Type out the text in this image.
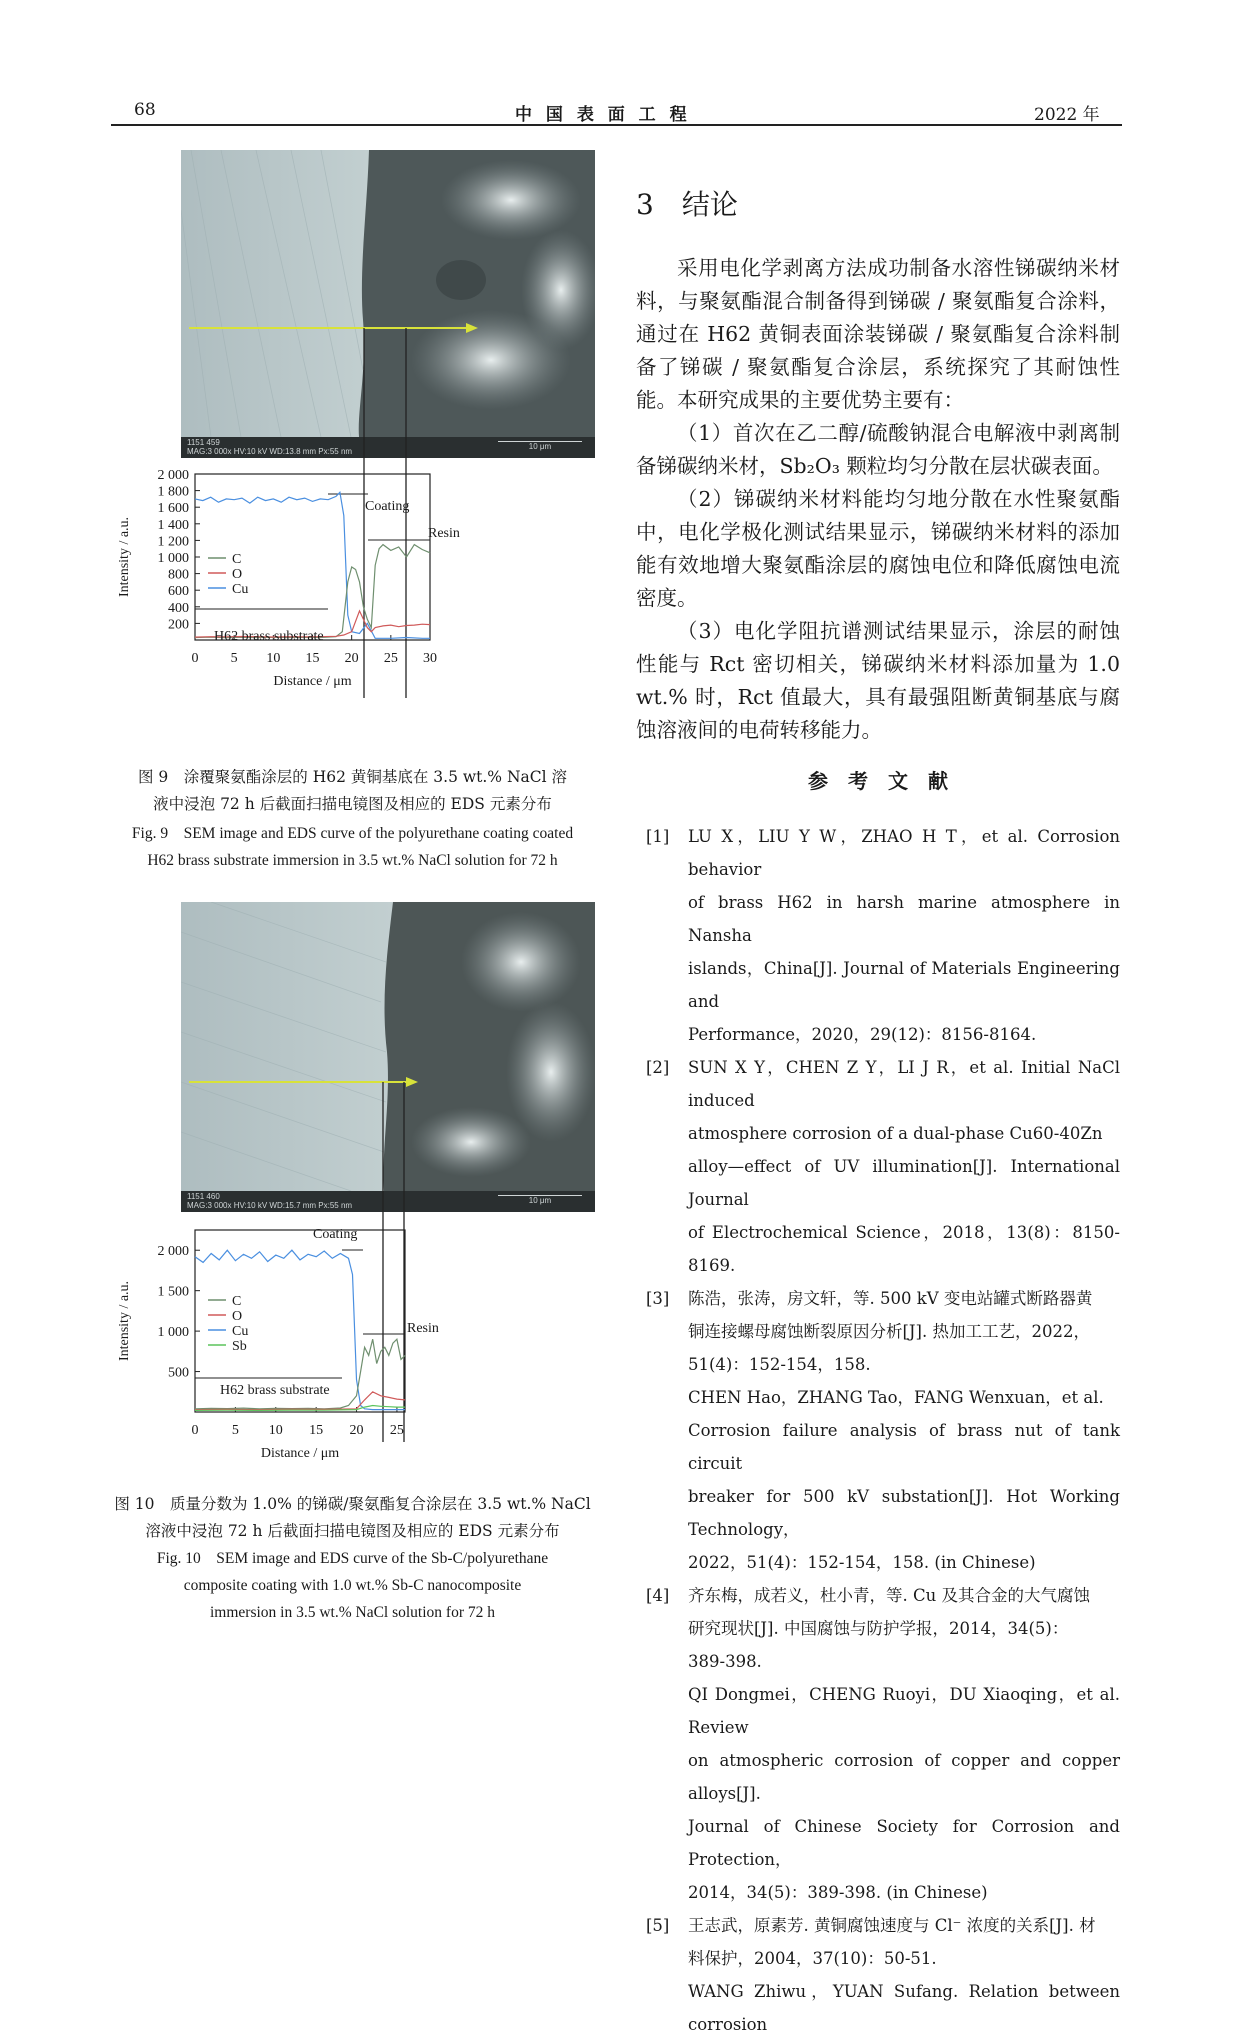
68	中 国 表 面 工 程	2022 年
1151 459
MAG:3 000x HV:10 kV WD:13.8 mm Px:55 nm
10 μm
200
400
600
800
1 000
1 200
1 400
1 600
1 800
2 000
0 5 10 15 20 25 30
Distance / μm
Intensity / a.u.	C
O
Cu
Coating
Resin
H62 brass substrate
图 9　涂覆聚氨酯涂层的 H62 黄铜基底在 3.5 wt.% NaCl 溶
液中浸泡 72 h 后截面扫描电镜图及相应的 EDS 元素分布
Fig. 9　SEM image and EDS curve of the polyurethane coating coated
H62 brass substrate immersion in 3.5 wt.% NaCl solution for 72 h
1151 460
MAG:3 000x HV:10 kV WD:15.7 mm Px:55 nm
10 μm
500
1 000
1 500
2 000
0 5 10 15 20 25
Distance / μm
Intensity / a.u.	C
O
Cu
Sb
Coating
Resin
H62 brass substrate
图 10　质量分数为 1.0% 的锑碳/聚氨酯复合涂层在 3.5 wt.% NaCl
溶液中浸泡 72 h 后截面扫描电镜图及相应的 EDS 元素分布
Fig. 10　SEM image and EDS curve of the Sb-C/polyurethane
composite coating with 1.0 wt.% Sb-C nanocomposite
immersion in 3.5 wt.% NaCl solution for 72 h
3　结论

采用电化学剥离方法成功制备水溶性锑碳纳米材料，与聚氨酯混合制备得到锑碳 / 聚氨酯复合涂料，通过在 H62 黄铜表面涂装锑碳 / 聚氨酯复合涂料制备了锑碳 / 聚氨酯复合涂层，系统探究了其耐蚀性能。本研究成果的主要优势主要有：

（1）首次在乙二醇/硫酸钠混合电解液中剥离制备锑碳纳米材，Sb₂O₃ 颗粒均匀分散在层状碳表面。

（2）锑碳纳米材料能均匀地分散在水性聚氨酯中，电化学极化测试结果显示，锑碳纳米材料的添加能有效地增大聚氨酯涂层的腐蚀电位和降低腐蚀电流密度。

（3）电化学阻抗谱测试结果显示，涂层的耐蚀性能与 Rct 密切相关，锑碳纳米材料添加量为 1.0 wt.% 时，Rct 值最大，具有最强阻断黄铜基底与腐蚀溶液间的电荷转移能力。

参　考　文　献
[1] LU X，LIU Y W，ZHAO H T，et al. Corrosion behavior
of brass H62 in harsh marine atmosphere in Nansha
islands，China[J]. Journal of Materials Engineering and
Performance，2020，29(12)：8156-8164.
[2] SUN X Y，CHEN Z Y，LI J R，et al. Initial NaCl induced
atmosphere corrosion of a dual-phase Cu60-40Zn
alloy—effect of UV illumination[J]. International Journal
of Electrochemical Science，2018，13(8)：8150-8169.
[3] 陈浩，张涛，房文轩，等. 500 kV 变电站罐式断路器黄
铜连接螺母腐蚀断裂原因分析[J]. 热加工工艺，2022，
51(4)：152-154，158.
CHEN Hao，ZHANG Tao，FANG Wenxuan，et al.
Corrosion failure analysis of brass nut of tank circuit
breaker for 500 kV substation[J]. Hot Working Technology，
2022，51(4)：152-154，158. (in Chinese)
[4] 齐东梅，成若义，杜小青，等. Cu 及其合金的大气腐蚀
研究现状[J]. 中国腐蚀与防护学报，2014，34(5)：
389-398.
QI Dongmei，CHENG Ruoyi，DU Xiaoqing，et al. Review
on atmospheric corrosion of copper and copper alloys[J].
Journal of Chinese Society for Corrosion and Protection，
2014，34(5)：389-398. (in Chinese)
[5] 王志武，原素芳. 黄铜腐蚀速度与 Cl⁻ 浓度的关系[J]. 材
料保护，2004，37(10)：50-51.
WANG Zhiwu，YUAN Sufang. Relation between corrosion
